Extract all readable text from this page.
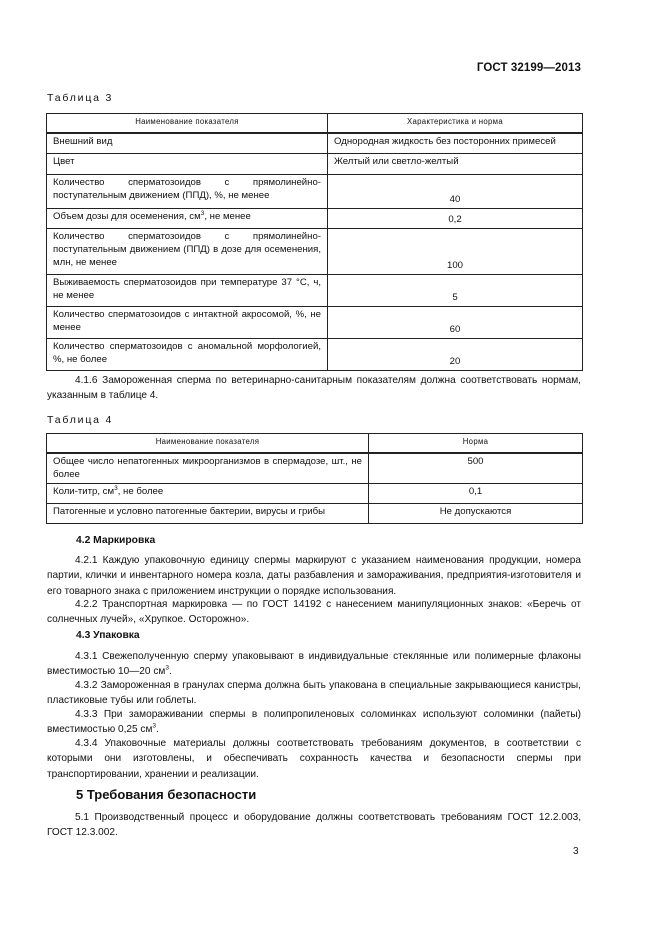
ГОСТ 32199—2013
Таблица 3
Наименование показателя	Характеристика и норма
Внешний вид	Однородная жидкость без посторонних примесей
Цвет	Желтый или светло-желтый
Количество сперматозоидов с прямолинейно-поступательным движением (ППД), %, не менее	40
Объем дозы для осеменения, $см^3$, не менее	0,2
Количество сперматозоидов с прямолинейно-поступательным движением (ППД) в дозе для осеменения, млн, не менее	100
Выживаемость сперматозоидов при температуре 37 °С, ч, не менее	5
Количество сперматозоидов с интактной акросомой, %, не менее	60
Количество сперматозоидов с аномальной морфологией, %, не более	20
4.1.6 Замороженная сперма по ветеринарно-санитарным показателям должна соответствовать нормам, указанным в таблице 4.
Таблица 4
Наименование показателя	Норма
Общее число непатогенных микроорганизмов в спермадозе, шт., не более	500
Коли-титр, $см^3$, не более	0,1
Патогенные и условно патогенные бактерии, вирусы и грибы	Не допускаются
4.2 Маркировка
4.2.1 Каждую упаковочную единицу спермы маркируют с указанием наименования продукции, номера партии, клички и инвентарного номера козла, даты разбавления и замораживания, предприятия-изготовителя и его товарного знака с приложением инструкции о порядке использования.
4.2.2 Транспортная маркировка — по ГОСТ 14192 с нанесением манипуляционных знаков: «Беречь от солнечных лучей», «Хрупкое. Осторожно».
4.3 Упаковка
4.3.1 Свежеполученную сперму упаковывают в индивидуальные стеклянные или полимерные флаконы вместимостью 10—20 $см^3$.
4.3.2 Замороженная в гранулах сперма должна быть упакована в специальные закрывающиеся канистры, пластиковые тубы или гоблеты.
4.3.3 При замораживании спермы в полипропиленовых соломинках используют соломинки (пайеты) вместимостью 0,25 $см^3$.
4.3.4 Упаковочные материалы должны соответствовать требованиям документов, в соответствии с которыми они изготовлены, и обеспечивать сохранность качества и безопасности спермы при транспортировании, хранении и реализации.
5 Требования безопасности
5.1 Производственный процесс и оборудование должны соответствовать требованиям ГОСТ 12.2.003, ГОСТ 12.3.002.
3
